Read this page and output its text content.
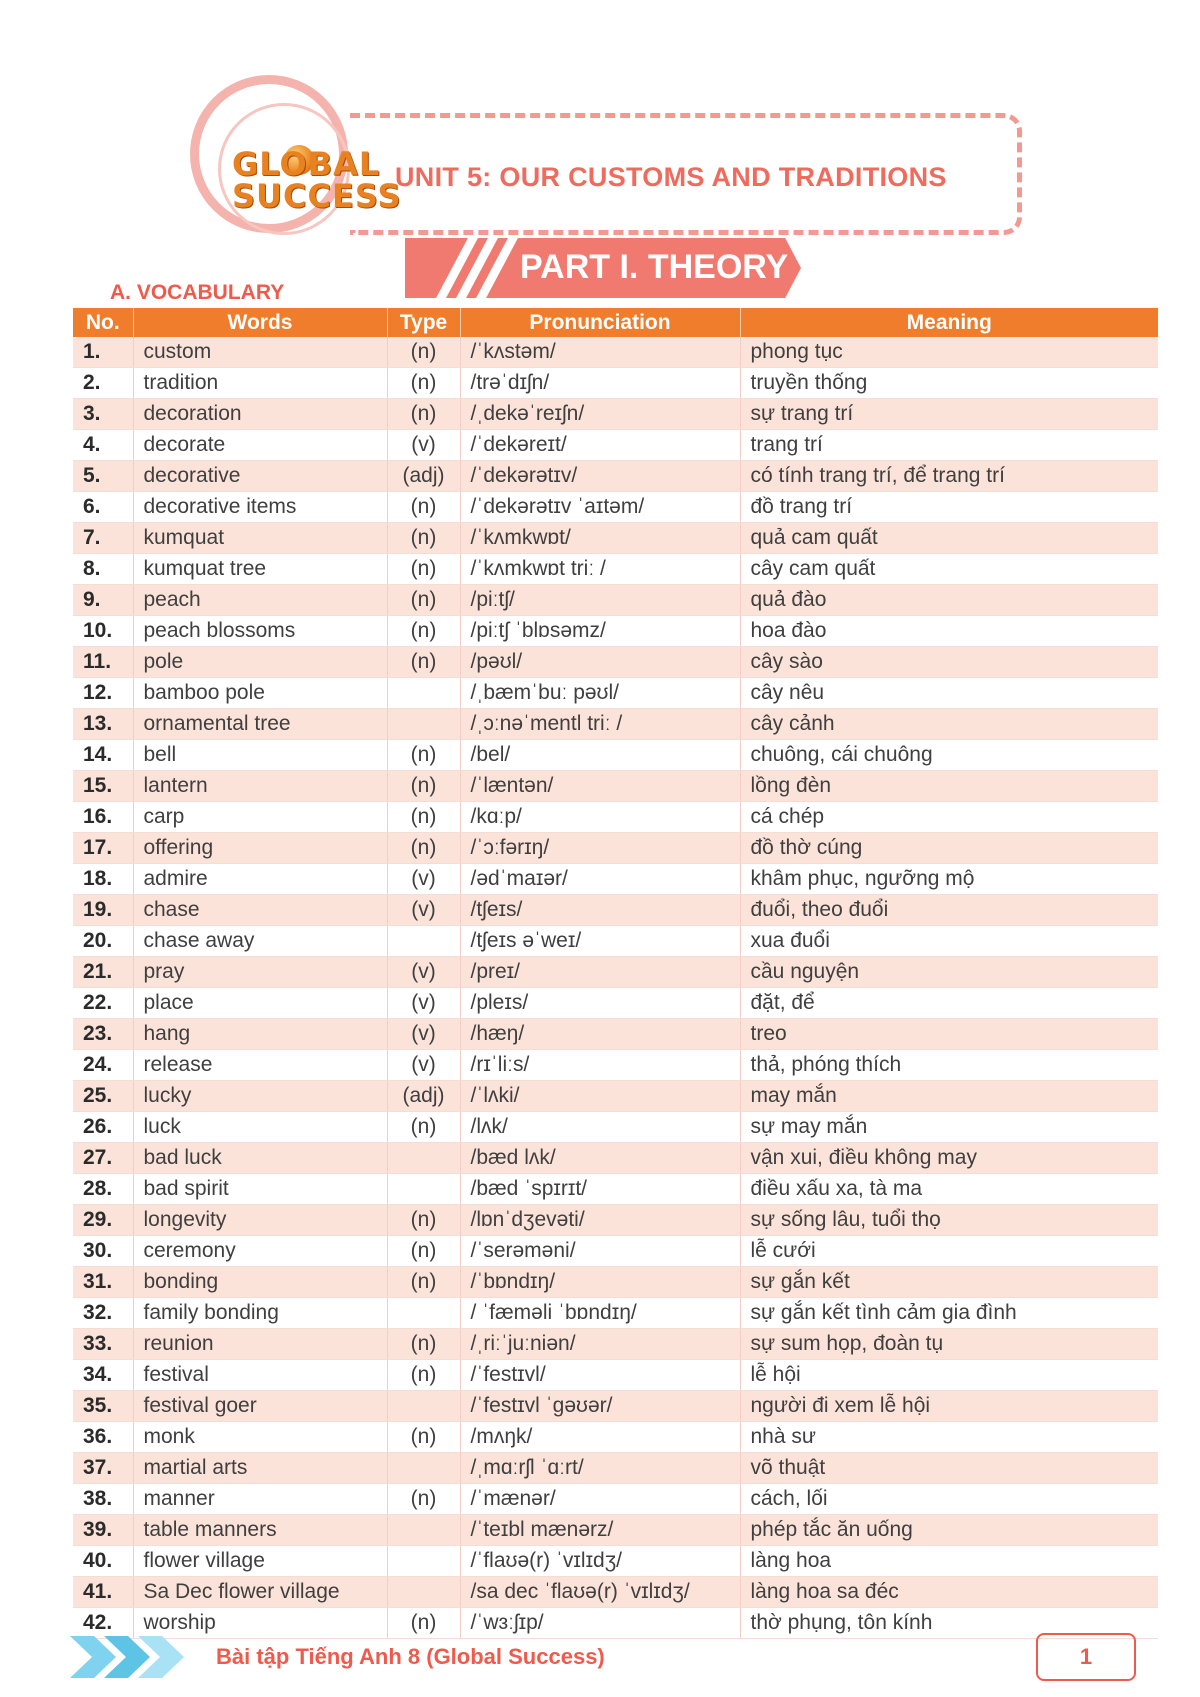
GLOBAL SUCCESS
UNIT 5: OUR CUSTOMS AND TRADITIONS
PART I. THEORY
A. VOCABULARY
No.	Words	Type	Pronunciation	Meaning
1.	custom	(n)	/ˈkʌstəm/	phong tục
2.	tradition	(n)	/trəˈdɪʃn/	truyền thống
3.	decoration	(n)	/ˌdekəˈreɪʃn/	sự trang trí
4.	decorate	(v)	/ˈdekəreɪt/	trang trí
5.	decorative	(adj)	/ˈdekərətɪv/	có tính trang trí, để trang trí
6.	decorative items	(n)	/ˈdekərətɪv ˈaɪtəm/	đồ trang trí
7.	kumquat	(n)	/ˈkʌmkwɒt/	quả cam quất
8.	kumquat tree	(n)	/ˈkʌmkwɒt triː /	cây cam quất
9.	peach	(n)	/piːtʃ/	quả đào
10.	peach blossoms	(n)	/piːtʃ ˈblɒsəmz/	hoa đào
11.	pole	(n)	/pəʊl/	cây sào
12.	bamboo pole		/ˌbæmˈbuː pəʊl/	cây nêu
13.	ornamental tree		/ˌɔːnəˈmentl triː /	cây cảnh
14.	bell	(n)	/bel/	chuông, cái chuông
15.	lantern	(n)	/ˈlæntən/	lồng đèn
16.	carp	(n)	/kɑːp/	cá chép
17.	offering	(n)	/ˈɔːfərɪŋ/	đồ thờ cúng
18.	admire	(v)	/ədˈmaɪər/	khâm phục, ngưỡng mộ
19.	chase	(v)	/tʃeɪs/	đuổi, theo đuổi
20.	chase away		/tʃeɪs əˈweɪ/	xua đuổi
21.	pray	(v)	/preɪ/	cầu nguyện
22.	place	(v)	/pleɪs/	đặt, để
23.	hang	(v)	/hæŋ/	treo
24.	release	(v)	/rɪˈliːs/	thả, phóng thích
25.	lucky	(adj)	/ˈlʌki/	may mắn
26.	luck	(n)	/lʌk/	sự may mắn
27.	bad luck		/bæd lʌk/	vận xui, điều không may
28.	bad spirit		/bæd ˈspɪrɪt/	điều xấu xa, tà ma
29.	longevity	(n)	/lɒnˈdʒevəti/	sự sống lâu, tuổi thọ
30.	ceremony	(n)	/ˈserəməni/	lễ cưới
31.	bonding	(n)	/ˈbɒndɪŋ/	sự gắn kết
32.	family bonding		/ ˈfæməli ˈbɒndɪŋ/	sự gắn kết tình cảm gia đình
33.	reunion	(n)	/ˌriːˈjuːniən/	sự sum họp, đoàn tụ
34.	festival	(n)	/ˈfestɪvl/	lễ hội
35.	festival goer		/ˈfestɪvl ˈɡəʊər/	người đi xem lễ hội
36.	monk	(n)	/mʌŋk/	nhà sư
37.	martial arts		/ˌmɑːrʃl ˈɑːrt/	võ thuật
38.	manner	(n)	/ˈmænər/	cách, lối
39.	table manners		/ˈteɪbl mænərz/	phép tắc ăn uống
40.	flower village		/ˈflaʊə(r) ˈvɪlɪdʒ/	làng hoa
41.	Sa Dec flower village		/sa dec ˈflaʊə(r) ˈvɪlɪdʒ/	làng hoa sa đéc
42.	worship	(n)	/ˈwɜːʃɪp/	thờ phụng, tôn kính
Bài tập Tiếng Anh 8 (Global Success)	1
